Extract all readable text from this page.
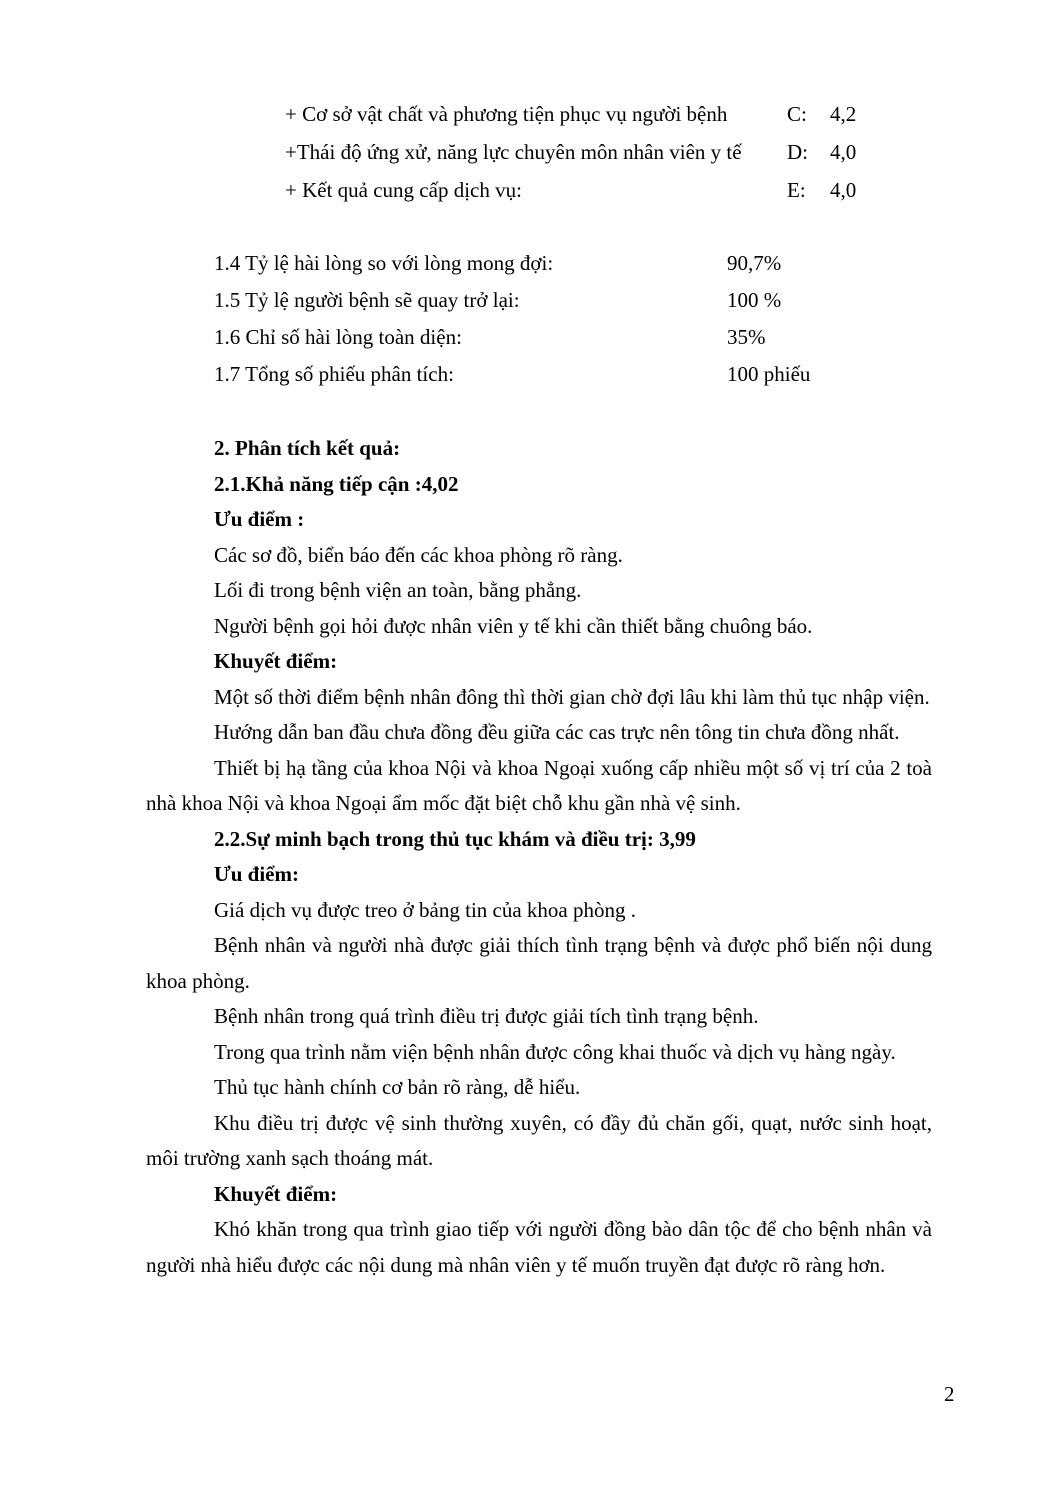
+ Cơ sở vật chất và phương tiện phục vụ người bệnh	C:	4,2
+Thái độ ứng xử, năng lực chuyên môn nhân viên y tế	D:	4,0
+ Kết quả cung cấp dịch vụ:	E:	4,0
1.4 Tỷ lệ hài lòng so với lòng mong đợi:	90,7%
1.5 Tỷ lệ người bệnh sẽ quay trở lại:	100 %
1.6 Chỉ số hài lòng toàn diện:	35%
1.7 Tổng số phiếu phân tích:	100 phiếu
2. Phân tích kết quả:
2.1.Khả năng tiếp cận :4,02
Ưu điểm :

Các sơ đồ, biển báo đến các khoa phòng rõ ràng.

Lối đi trong bệnh viện an toàn, bằng phẳng.

Người bệnh gọi hỏi được nhân viên y tế khi cần thiết bằng chuông báo.

Khuyết điểm:

Một số thời điểm bệnh nhân đông thì thời gian chờ đợi lâu khi làm thủ tục nhập viện.

Hướng dẫn ban đầu chưa đồng đều giữa các cas trực nên tông tin chưa đồng nhất.

Thiết bị hạ tầng của khoa Nội và khoa Ngoại xuống cấp nhiều một số vị trí của 2 toà nhà khoa Nội và khoa Ngoại ẩm mốc đặt biệt chỗ khu gần nhà vệ sinh.

2.2.Sự minh bạch trong thủ tục khám và điều trị: 3,99
Ưu điểm:

Giá dịch vụ được treo ở bảng tin của khoa phòng .

Bệnh nhân và người nhà được giải thích tình trạng bệnh và được phổ biến nội dung khoa phòng.

Bệnh nhân trong quá trình điều trị được giải tích tình trạng bệnh.

Trong qua trình nằm viện bệnh nhân được công khai thuốc và dịch vụ hàng ngày.

Thủ tục hành chính cơ bản rõ ràng, dễ hiểu.

Khu điều trị được vệ sinh thường xuyên, có đầy đủ chăn gối, quạt, nước sinh hoạt, môi trường xanh sạch thoáng mát.

Khuyết điểm:

Khó khăn trong qua trình giao tiếp với người đồng bào dân tộc để cho bệnh nhân và người nhà hiểu được các nội dung mà nhân viên y tế muốn truyền đạt được rõ ràng hơn.

2
